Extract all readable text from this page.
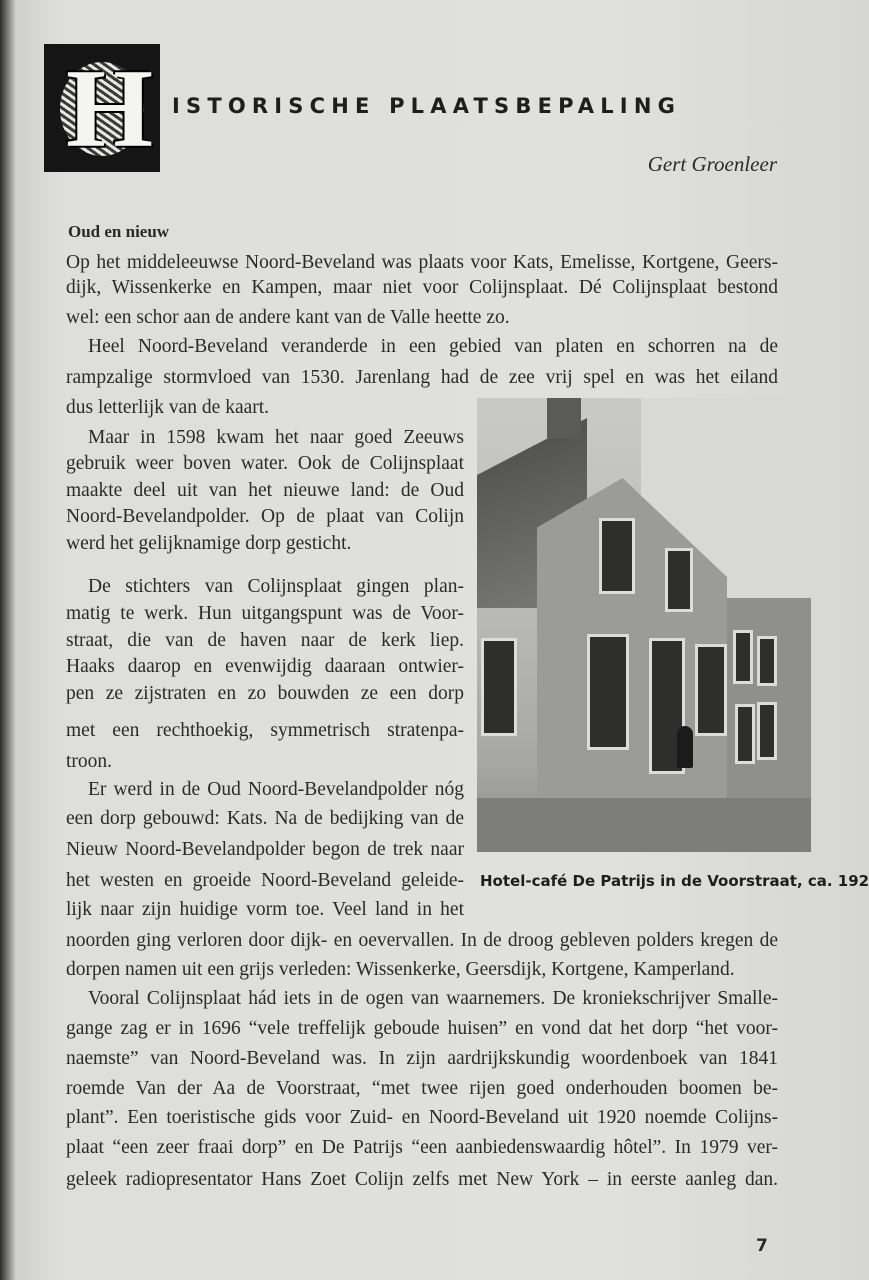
H ISTORISCHE PLAATSBEPALING
Gert Groenleer
Oud en nieuw
Op het middeleeuwse Noord-Beveland was plaats voor Kats, Emelisse, Kortgene, Geers-
dijk, Wissenkerke en Kampen, maar niet voor Colijnsplaat. Dé Colijnsplaat bestond
wel: een schor aan de andere kant van de Valle heette zo.
Heel Noord-Beveland veranderde in een gebied van platen en schorren na de
rampzalige stormvloed van 1530. Jarenlang had de zee vrij spel en was het eiland
dus letterlijk van de kaart.
Maar in 1598 kwam het naar goed Zeeuws
gebruik weer boven water. Ook de Colijnsplaat
maakte deel uit van het nieuwe land: de Oud
Noord-Bevelandpolder. Op de plaat van Colijn
werd het gelijknamige dorp gesticht.
De stichters van Colijnsplaat gingen plan-
matig te werk. Hun uitgangspunt was de Voor-
straat, die van de haven naar de kerk liep.
Haaks daarop en evenwijdig daaraan ontwier-
pen ze zijstraten en zo bouwden ze een dorp
met een rechthoekig, symmetrisch stratenpa-
troon.
Er werd in de Oud Noord-Bevelandpolder nóg
een dorp gebouwd: Kats. Na de bedijking van de
Nieuw Noord-Bevelandpolder begon de trek naar
het westen en groeide Noord-Beveland geleide-
lijk naar zijn huidige vorm toe. Veel land in het
noorden ging verloren door dijk- en oevervallen. In de droog gebleven polders kregen de
dorpen namen uit een grijs verleden: Wissenkerke, Geersdijk, Kortgene, Kamperland.
Vooral Colijnsplaat hád iets in de ogen van waarnemers. De kroniekschrijver Smalle-
gange zag er in 1696 “vele treffelijk geboude huisen” en vond dat het dorp “het voor-
naemste” van Noord-Beveland was. In zijn aardrijkskundig woordenboek van 1841
roemde Van der Aa de Voorstraat, “met twee rijen goed onderhouden boomen be-
plant”. Een toeristische gids voor Zuid- en Noord-Beveland uit 1920 noemde Colijns-
plaat “een zeer fraai dorp” en De Patrijs “een aanbiedenswaardig hôtel”. In 1979 ver-
geleek radiopresentator Hans Zoet Colijn zelfs met New York – in eerste aanleg dan.
Hotel-café De Patrijs in de Voorstraat, ca. 192
7
